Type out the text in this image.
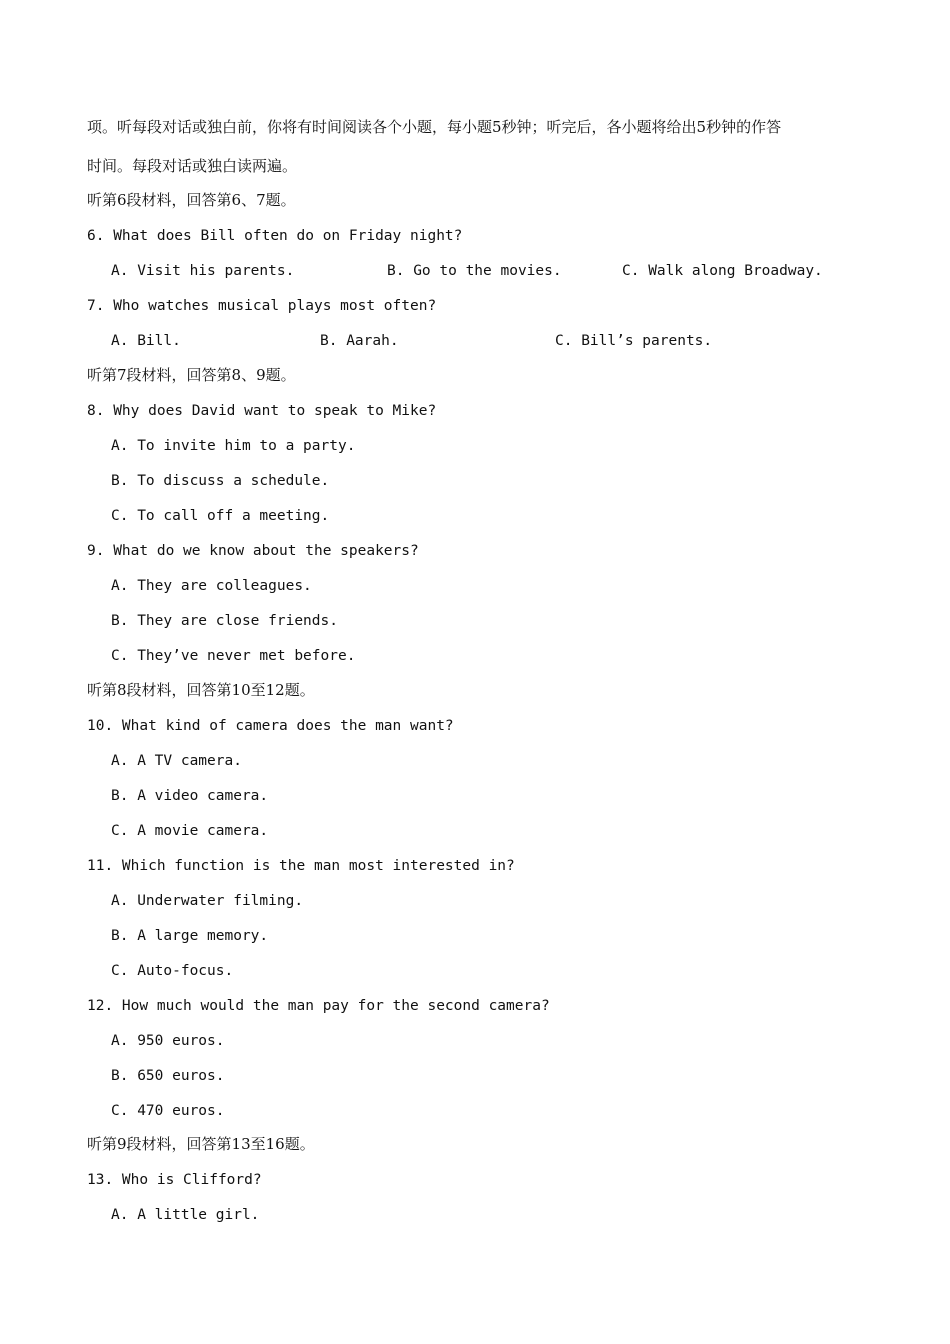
项。听每段对话或独白前，你将有时间阅读各个小题，每小题5秒钟；听完后，各小题将给出5秒钟的作答
时间。每段对话或独白读两遍。
听第6段材料，回答第6、7题。
6. What does Bill often do on Friday night?
A. Visit his parents.	B. Go to the movies.	C. Walk along Broadway.
7. Who watches musical plays most often?
A. Bill.	B. Aarah.	C. Bill’s parents.
听第7段材料，回答第8、9题。
8. Why does David want to speak to Mike?
A. To invite him to a party.
B. To discuss a schedule.
C. To call off a meeting.
9. What do we know about the speakers?
A. They are colleagues.
B. They are close friends.
C. They’ve never met before.
听第8段材料，回答第10至12题。
10. What kind of camera does the man want?
A. A TV camera.
B. A video camera.
C. A movie camera.
11. Which function is the man most interested in?
A. Underwater filming.
B. A large memory.
C. Auto-focus.
12. How much would the man pay for the second camera?
A. 950 euros.
B. 650 euros.
C. 470 euros.
听第9段材料，回答第13至16题。
13. Who is Clifford?
A. A little girl.
